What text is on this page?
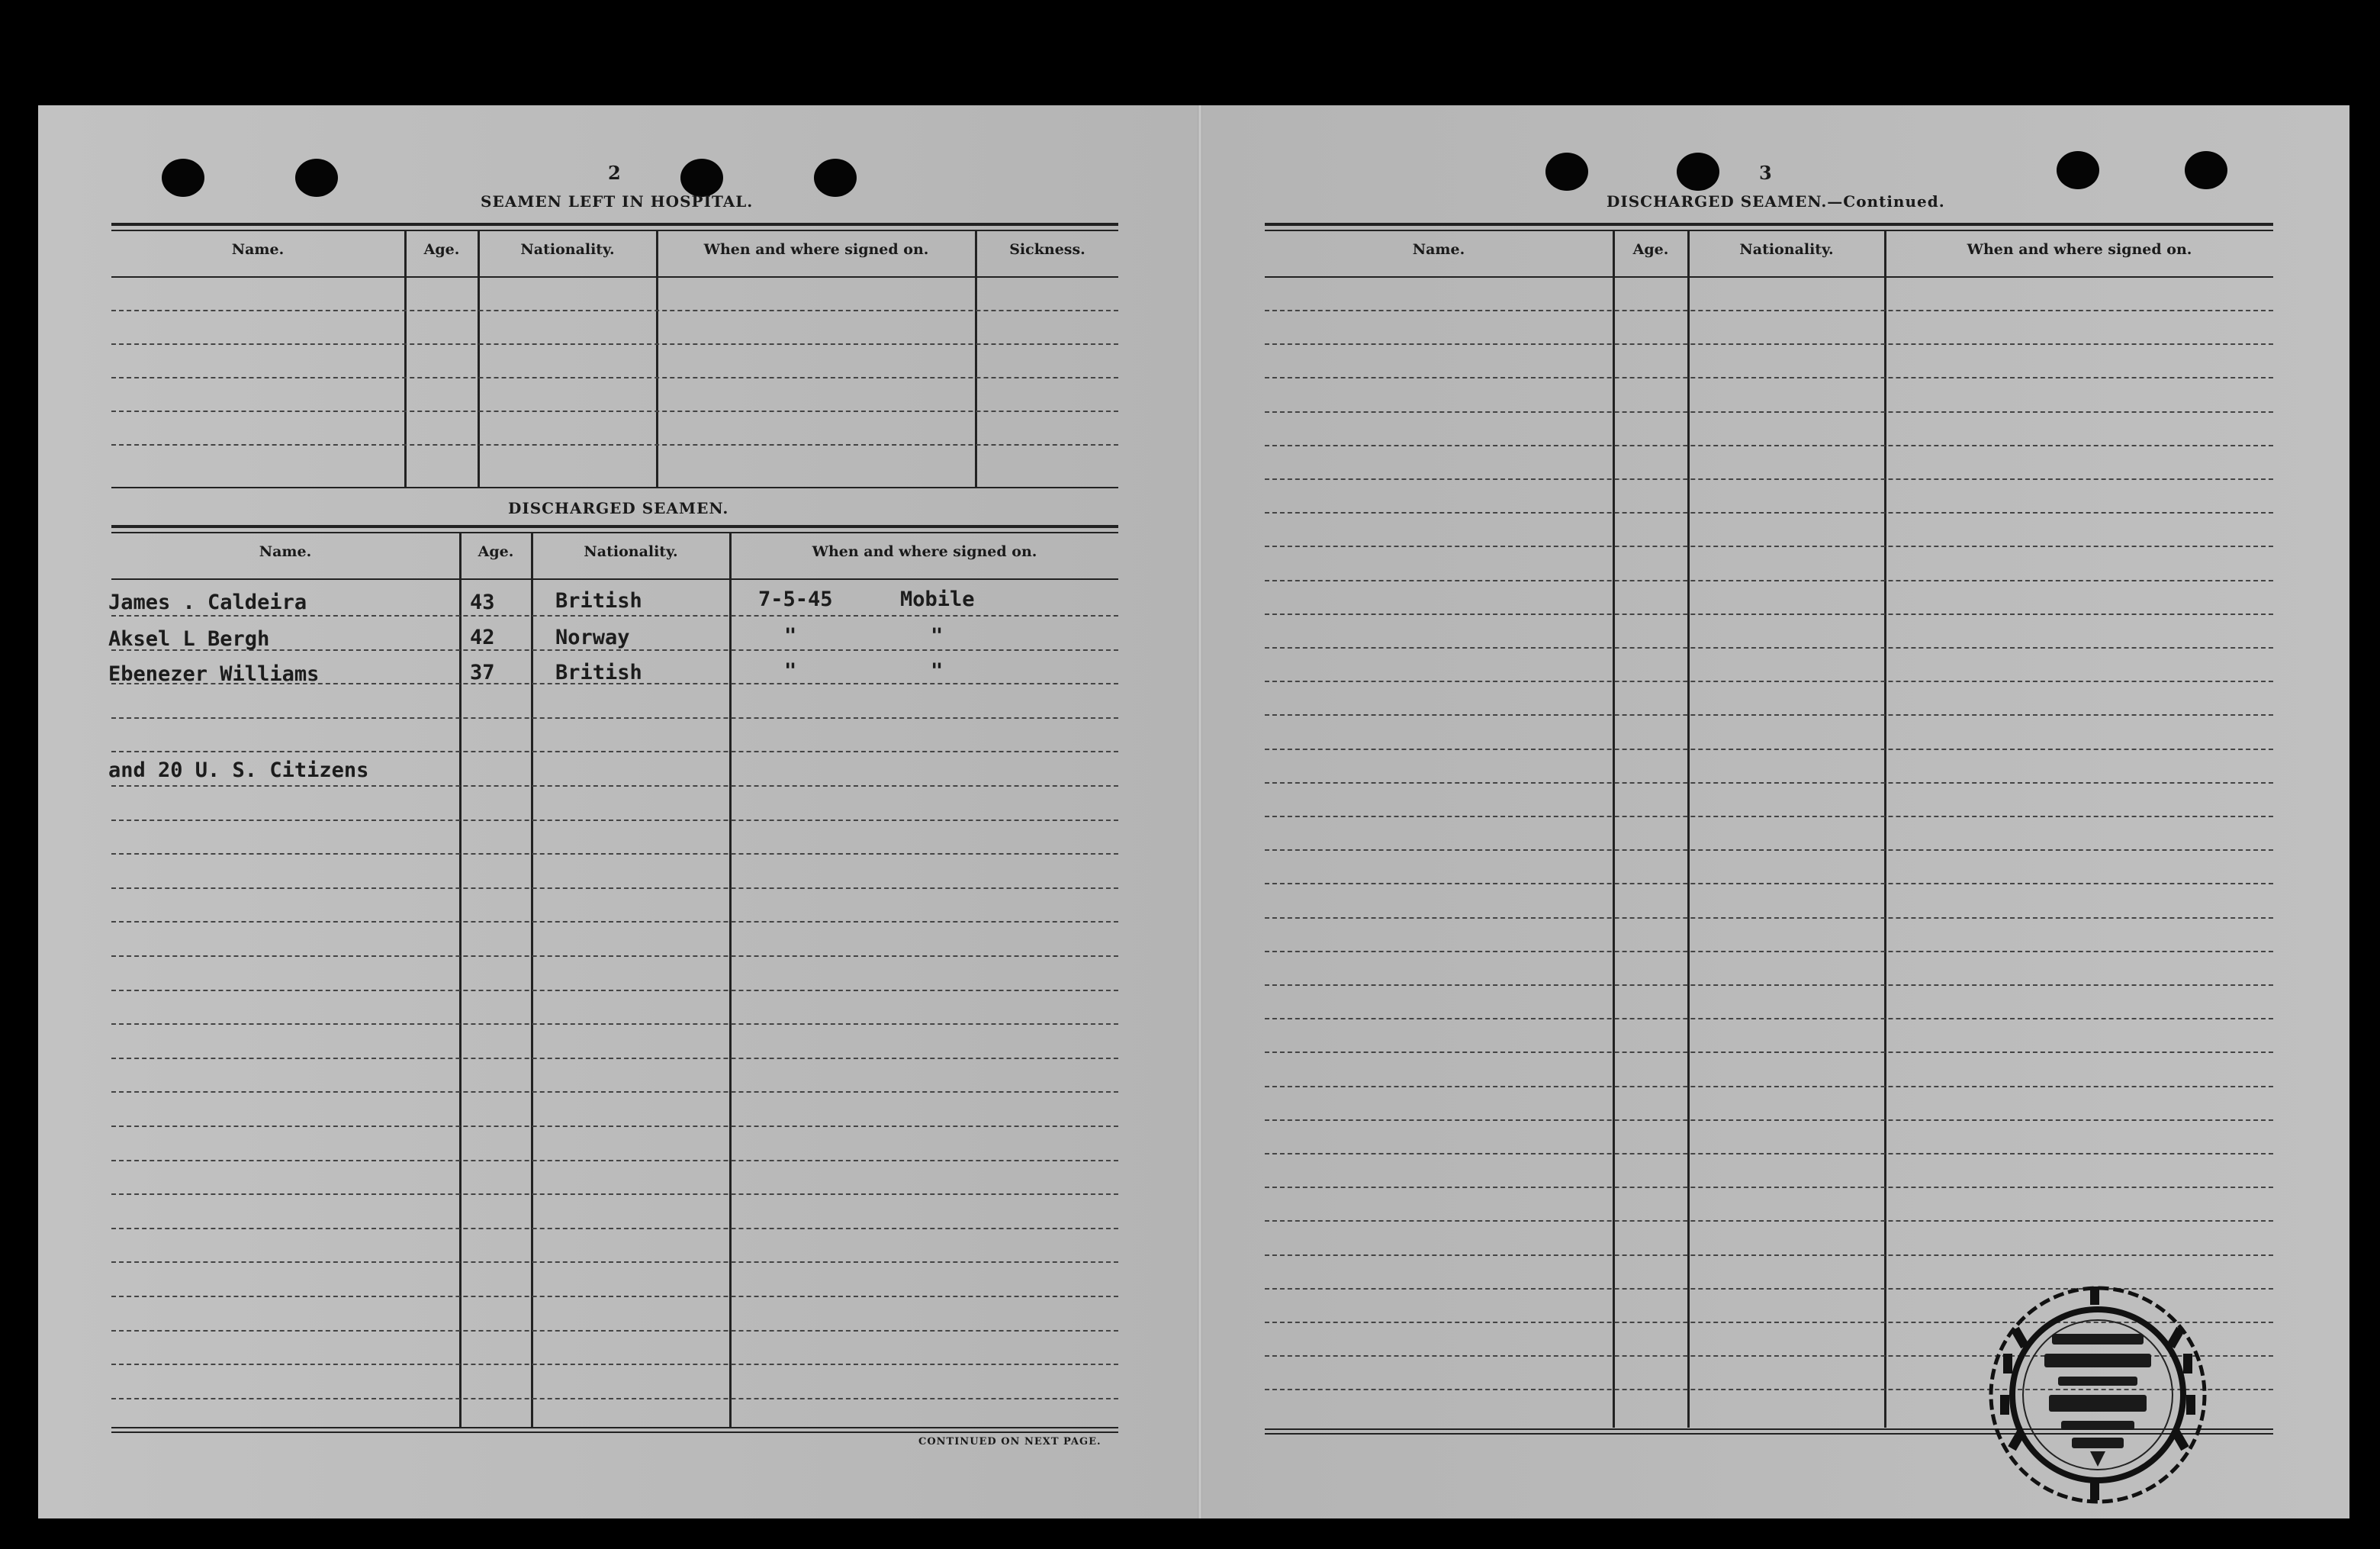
2
SEAMEN LEFT IN HOSPITAL.
Name.	Age.	Nationality.	When and where signed on.	Sickness.
DISCHARGED SEAMEN.
Name.	Age.	Nationality.	When and where signed on.
James . Caldeira	43	British	7-5-45	Mobile
Aksel L Bergh	42	Norway	"	"
Ebenezer Williams	37	British	"	"
and 20 U. S. Citizens
CONTINUED ON NEXT PAGE.
3
DISCHARGED SEAMEN.—Continued.
Name.	Age.	Nationality.	When and where signed on.
